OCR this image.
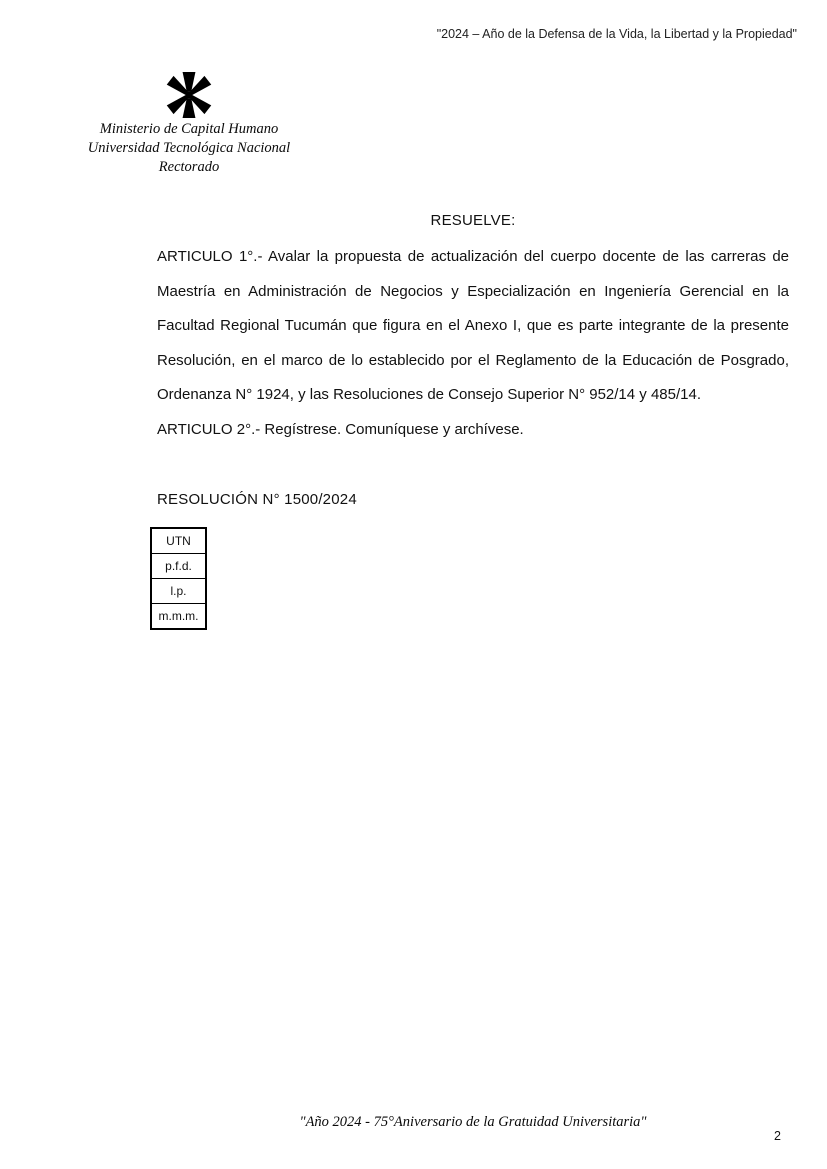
"2024 – Año de la Defensa de la Vida, la Libertad y la Propiedad"
Ministerio de Capital Humano
Universidad Tecnológica Nacional
Rectorado
RESUELVE:
ARTICULO 1°.- Avalar la propuesta de actualización del cuerpo docente de las carreras de
Maestría en Administración de Negocios y Especialización en Ingeniería Gerencial en la
Facultad Regional Tucumán que figura en el Anexo I, que es parte integrante de la presente
Resolución, en el marco de lo establecido por el Reglamento de la Educación de Posgrado,
Ordenanza N° 1924, y las Resoluciones de Consejo Superior N° 952/14 y 485/14.
ARTICULO 2°.- Regístrese. Comuníquese y archívese.
RESOLUCIÓN N° 1500/2024
UTN
p.f.d.
l.p.
m.m.m.
"Año 2024 - 75°Aniversario de la Gratuidad Universitaria"
2
